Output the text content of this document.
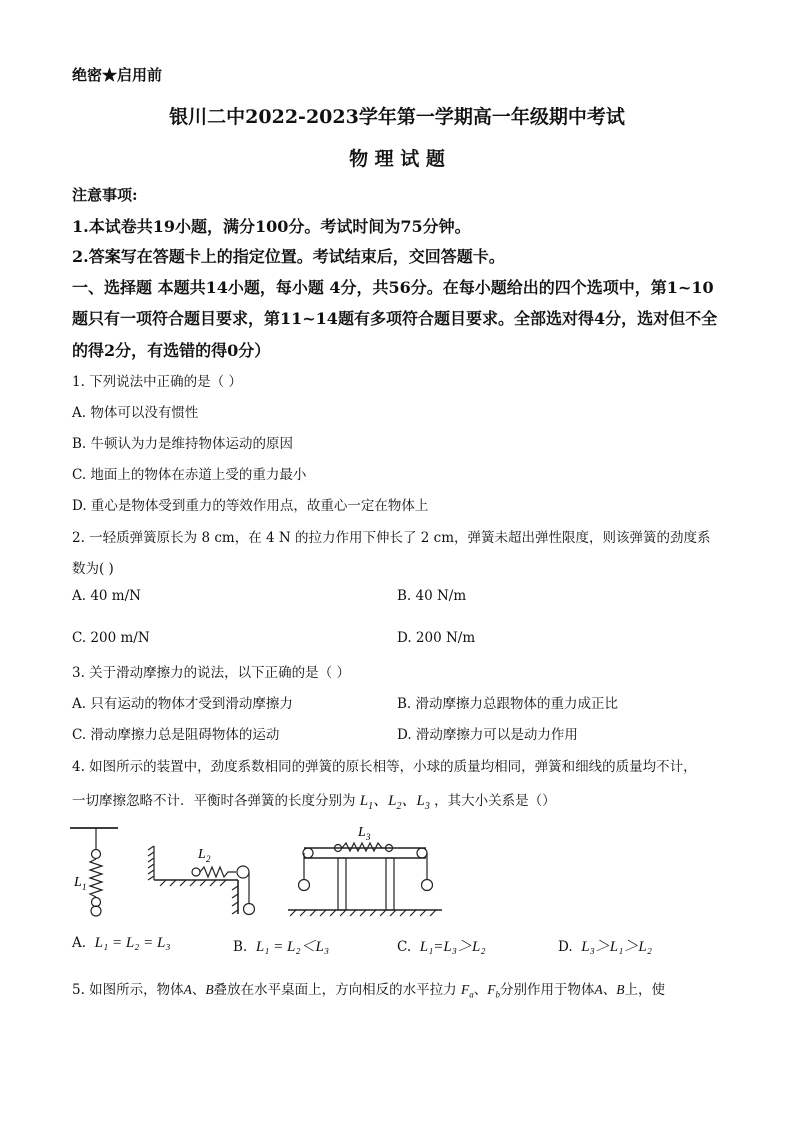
绝密★启用前
银川二中2022-2023学年第一学期高一年级期中考试
物 理 试 题
注意事项:
1.本试卷共19小题，满分100分。考试时间为75分钟。
2.答案写在答题卡上的指定位置。考试结束后，交回答题卡。
一、选择题 本题共14小题，每小题 4分，共56分。在每小题给出的四个选项中，第1~10
题只有一项符合题目要求，第11~14题有多项符合题目要求。全部选对得4分，选对但不全
的得2分，有选错的得0分）
1. 下列说法中正确的是（ ）
A. 物体可以没有惯性
B. 牛顿认为力是维持物体运动的原因
C. 地面上的物体在赤道上受的重力最小
D. 重心是物体受到重力的等效作用点，故重心一定在物体上
2. 一轻质弹簧原长为 8 cm，在 4 N 的拉力作用下伸长了 2 cm，弹簧未超出弹性限度，则该弹簧的劲度系
数为( )
A. 40 m/N	B. 40 N/m
C. 200 m/N	D. 200 N/m
3. 关于滑动摩擦力的说法，以下正确的是（ ）
A. 只有运动的物体才受到滑动摩擦力	B. 滑动摩擦力总跟物体的重力成正比
C. 滑动摩擦力总是阻碍物体的运动	D. 滑动摩擦力可以是动力作用
4. 如图所示的装置中，劲度系数相同的弹簧的原长相等，小球的质量均相同，弹簧和细线的质量均不计，
一切摩擦忽略不计．平衡时各弹簧的长度分别为 $L_1$、$L_2$、$L_3$ ，其大小关系是（）
L 1
L 2
L 3
A. L₁ = L₂ = L₃	B. L₁ = L₂＜L₃	C. L₁=L₃＞L₂	D. L₃＞L₁＞L₂
5. 如图所示，物体A、B叠放在水平桌面上，方向相反的水平拉力 $F_a$、$F_b$分别作用于物体A、B上，使
